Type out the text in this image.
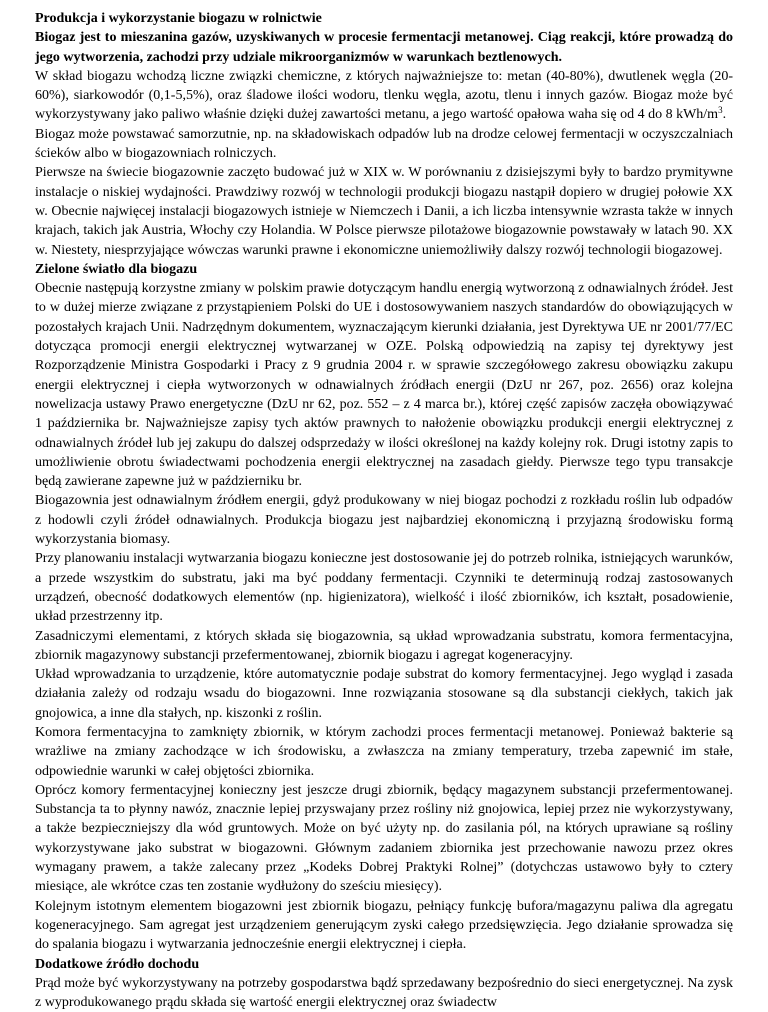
Produkcja i wykorzystanie biogazu w rolnictwie

Biogaz jest to mieszanina gazów, uzyskiwanych w procesie fermentacji metanowej. Ciąg reakcji, które prowadzą do jego wytworzenia, zachodzi przy udziale mikroorganizmów w warunkach beztlenowych.

W skład biogazu wchodzą liczne związki chemiczne, z których najważniejsze to: metan (40-80%), dwutlenek węgla (20-60%), siarkowodór (0,1-5,5%), oraz śladowe ilości wodoru, tlenku węgla, azotu, tlenu i innych gazów. Biogaz może być wykorzystywany jako paliwo właśnie dzięki dużej zawartości metanu, a jego wartość opałowa waha się od 4 do 8 kWh/$m^3$.

Biogaz może powstawać samorzutnie, np. na składowiskach odpadów lub na drodze celowej fermentacji w oczyszczalniach ścieków albo w biogazowniach rolniczych.

Pierwsze na świecie biogazownie zaczęto budować już w XIX w. W porównaniu z dzisiejszymi były to bardzo prymitywne instalacje o niskiej wydajności. Prawdziwy rozwój w technologii produkcji biogazu nastąpił dopiero w drugiej połowie XX w. Obecnie najwięcej instalacji biogazowych istnieje w Niemczech i Danii, a ich liczba intensywnie wzrasta także w innych krajach, takich jak Austria, Włochy czy Holandia. W Polsce pierwsze pilotażowe biogazownie powstawały w latach 90. XX w. Niestety, niesprzyjające wówczas warunki prawne i ekonomiczne uniemożliwiły dalszy rozwój technologii biogazowej.

Zielone światło dla biogazu

Obecnie następują korzystne zmiany w polskim prawie dotyczącym handlu energią wytworzoną z odnawialnych źródeł. Jest to w dużej mierze związane z przystąpieniem Polski do UE i dostosowywaniem naszych standardów do obowiązujących w pozostałych krajach Unii. Nadrzędnym dokumentem, wyznaczającym kierunki działania, jest Dyrektywa UE nr 2001/77/EC dotycząca promocji energii elektrycznej wytwarzanej w OZE. Polską odpowiedzią na zapisy tej dyrektywy jest Rozporządzenie Ministra Gospodarki i Pracy z 9 grudnia 2004 r. w sprawie szczegółowego zakresu obowiązku zakupu energii elektrycznej i ciepła wytworzonych w odnawialnych źródłach energii (DzU nr 267, poz. 2656) oraz kolejna nowelizacja ustawy Prawo energetyczne (DzU nr 62, poz. 552 – z 4 marca br.), której część zapisów zaczęła obowiązywać 1 października br. Najważniejsze zapisy tych aktów prawnych to nałożenie obowiązku produkcji energii elektrycznej z odnawialnych źródeł lub jej zakupu do dalszej odsprzedaży w ilości określonej na każdy kolejny rok. Drugi istotny zapis to umożliwienie obrotu świadectwami pochodzenia energii elektrycznej na zasadach giełdy. Pierwsze tego typu transakcje będą zawierane zapewne już w październiku br.

Biogazownia jest odnawialnym źródłem energii, gdyż produkowany w niej biogaz pochodzi z rozkładu roślin lub odpadów z hodowli czyli źródeł odnawialnych. Produkcja biogazu jest najbardziej ekonomiczną i przyjazną środowisku formą wykorzystania biomasy.

Przy planowaniu instalacji wytwarzania biogazu konieczne jest dostosowanie jej do potrzeb rolnika, istniejących warunków, a przede wszystkim do substratu, jaki ma być poddany fermentacji. Czynniki te determinują rodzaj zastosowanych urządzeń, obecność dodatkowych elementów (np. higienizatora), wielkość i ilość zbiorników, ich kształt, posadowienie, układ przestrzenny itp.

Zasadniczymi elementami, z których składa się biogazownia, są układ wprowadzania substratu, komora fermentacyjna, zbiornik magazynowy substancji przefermentowanej, zbiornik biogazu i agregat kogeneracyjny.

Układ wprowadzania to urządzenie, które automatycznie podaje substrat do komory fermentacyjnej. Jego wygląd i zasada działania zależy od rodzaju wsadu do biogazowni. Inne rozwiązania stosowane są dla substancji ciekłych, takich jak gnojowica, a inne dla stałych, np. kiszonki z roślin.

Komora fermentacyjna to zamknięty zbiornik, w którym zachodzi proces fermentacji metanowej. Ponieważ bakterie są wrażliwe na zmiany zachodzące w ich środowisku, a zwłaszcza na zmiany temperatury, trzeba zapewnić im stałe, odpowiednie warunki w całej objętości zbiornika.

Oprócz komory fermentacyjnej konieczny jest jeszcze drugi zbiornik, będący magazynem substancji przefermentowanej. Substancja ta to płynny nawóz, znacznie lepiej przyswajany przez rośliny niż gnojowica, lepiej przez nie wykorzystywany, a także bezpieczniejszy dla wód gruntowych. Może on być użyty np. do zasilania pól, na których uprawiane są rośliny wykorzystywane jako substrat w biogazowni. Głównym zadaniem zbiornika jest przechowanie nawozu przez okres wymagany prawem, a także zalecany przez „Kodeks Dobrej Praktyki Rolnej” (dotychczas ustawowo były to cztery miesiące, ale wkrótce czas ten zostanie wydłużony do sześciu miesięcy).

Kolejnym istotnym elementem biogazowni jest zbiornik biogazu, pełniący funkcję bufora/magazynu paliwa dla agregatu kogeneracyjnego. Sam agregat jest urządzeniem generującym zyski całego przedsięwzięcia. Jego działanie sprowadza się do spalania biogazu i wytwarzania jednocześnie energii elektrycznej i ciepła.

Dodatkowe źródło dochodu

Prąd może być wykorzystywany na potrzeby gospodarstwa bądź sprzedawany bezpośrednio do sieci energetycznej. Na zysk z wyprodukowanego prądu składa się wartość energii elektrycznej oraz świadectw
